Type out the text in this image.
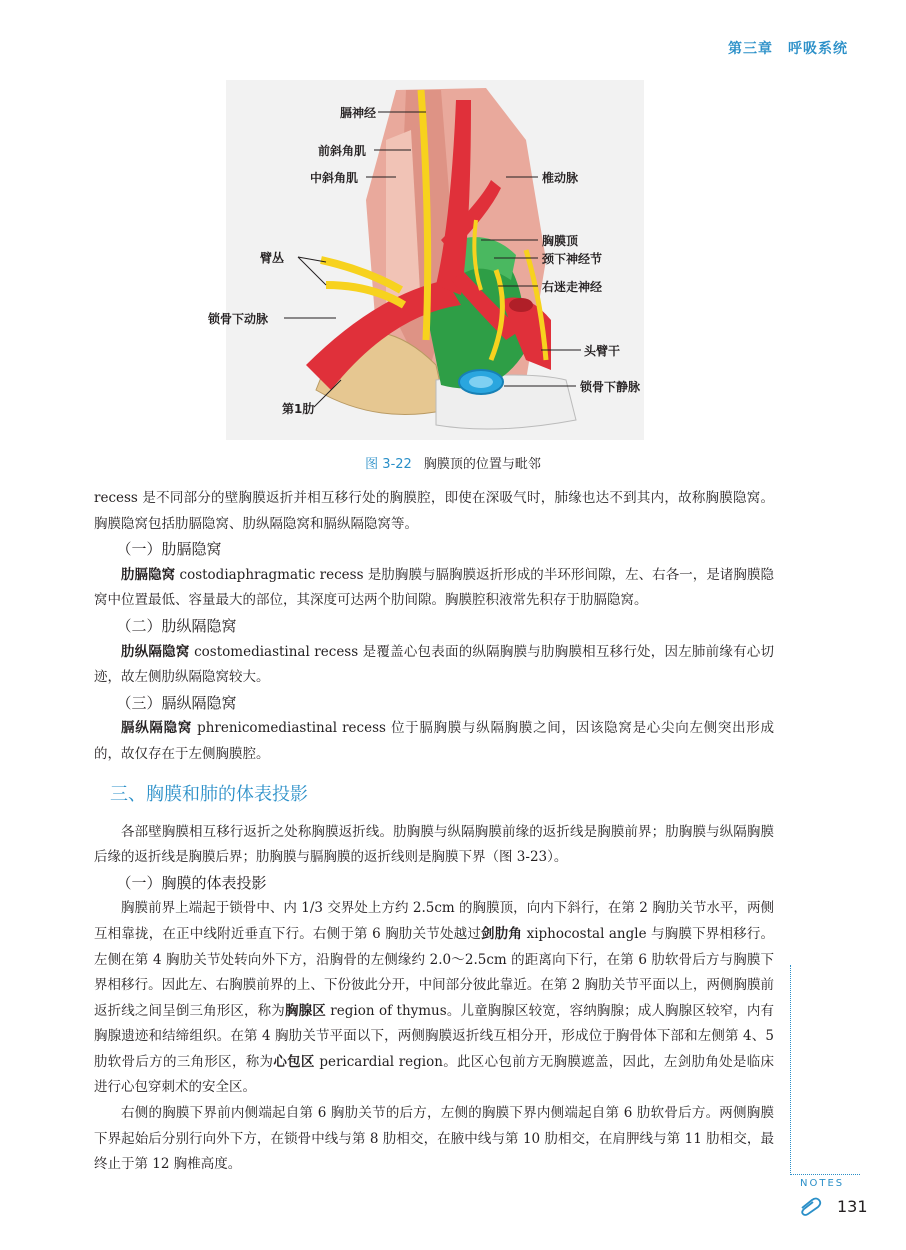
第三章　呼吸系统
膈神经
前斜角肌
中斜角肌	椎动脉
臂丛
胸膜顶
颈下神经节
右迷走神经
锁骨下动脉
头臂干
第1肋
锁骨下静脉
图 3-22 胸膜顶的位置与毗邻

recess 是不同部分的壁胸膜返折并相互移行处的胸膜腔，即使在深吸气时，肺缘也达不到其内，故称胸膜隐窝。胸膜隐窝包括肋膈隐窝、肋纵隔隐窝和膈纵隔隐窝等。

（一）肋膈隐窝

肋膈隐窝 costodiaphragmatic recess 是肋胸膜与膈胸膜返折形成的半环形间隙，左、右各一，是诸胸膜隐窝中位置最低、容量最大的部位，其深度可达两个肋间隙。胸膜腔积液常先积存于肋膈隐窝。

（二）肋纵隔隐窝

肋纵隔隐窝 costomediastinal recess 是覆盖心包表面的纵隔胸膜与肋胸膜相互移行处，因左肺前缘有心切迹，故左侧肋纵隔隐窝较大。

（三）膈纵隔隐窝

膈纵隔隐窝 phrenicomediastinal recess 位于膈胸膜与纵隔胸膜之间，因该隐窝是心尖向左侧突出形成的，故仅存在于左侧胸膜腔。

三、胸膜和肺的体表投影

各部壁胸膜相互移行返折之处称胸膜返折线。肋胸膜与纵隔胸膜前缘的返折线是胸膜前界；肋胸膜与纵隔胸膜后缘的返折线是胸膜后界；肋胸膜与膈胸膜的返折线则是胸膜下界（图 3-23）。

（一）胸膜的体表投影

胸膜前界上端起于锁骨中、内 1/3 交界处上方约 2.5cm 的胸膜顶，向内下斜行，在第 2 胸肋关节水平，两侧互相靠拢，在正中线附近垂直下行。右侧于第 6 胸肋关节处越过剑肋角 xiphocostal angle 与胸膜下界相移行。左侧在第 4 胸肋关节处转向外下方，沿胸骨的左侧缘约 2.0～2.5cm 的距离向下行，在第 6 肋软骨后方与胸膜下界相移行。因此左、右胸膜前界的上、下份彼此分开，中间部分彼此靠近。在第 2 胸肋关节平面以上，两侧胸膜前返折线之间呈倒三角形区，称为胸腺区 region of thymus。儿童胸腺区较宽，容纳胸腺；成人胸腺区较窄，内有胸腺遗迹和结缔组织。在第 4 胸肋关节平面以下，两侧胸膜返折线互相分开，形成位于胸骨体下部和左侧第 4、5 肋软骨后方的三角形区，称为心包区 pericardial region。此区心包前方无胸膜遮盖，因此，左剑肋角处是临床进行心包穿刺术的安全区。

右侧的胸膜下界前内侧端起自第 6 胸肋关节的后方，左侧的胸膜下界内侧端起自第 6 肋软骨后方。两侧胸膜下界起始后分别行向外下方，在锁骨中线与第 8 肋相交，在腋中线与第 10 肋相交，在肩胛线与第 11 肋相交，最终止于第 12 胸椎高度。

NOTES
131
